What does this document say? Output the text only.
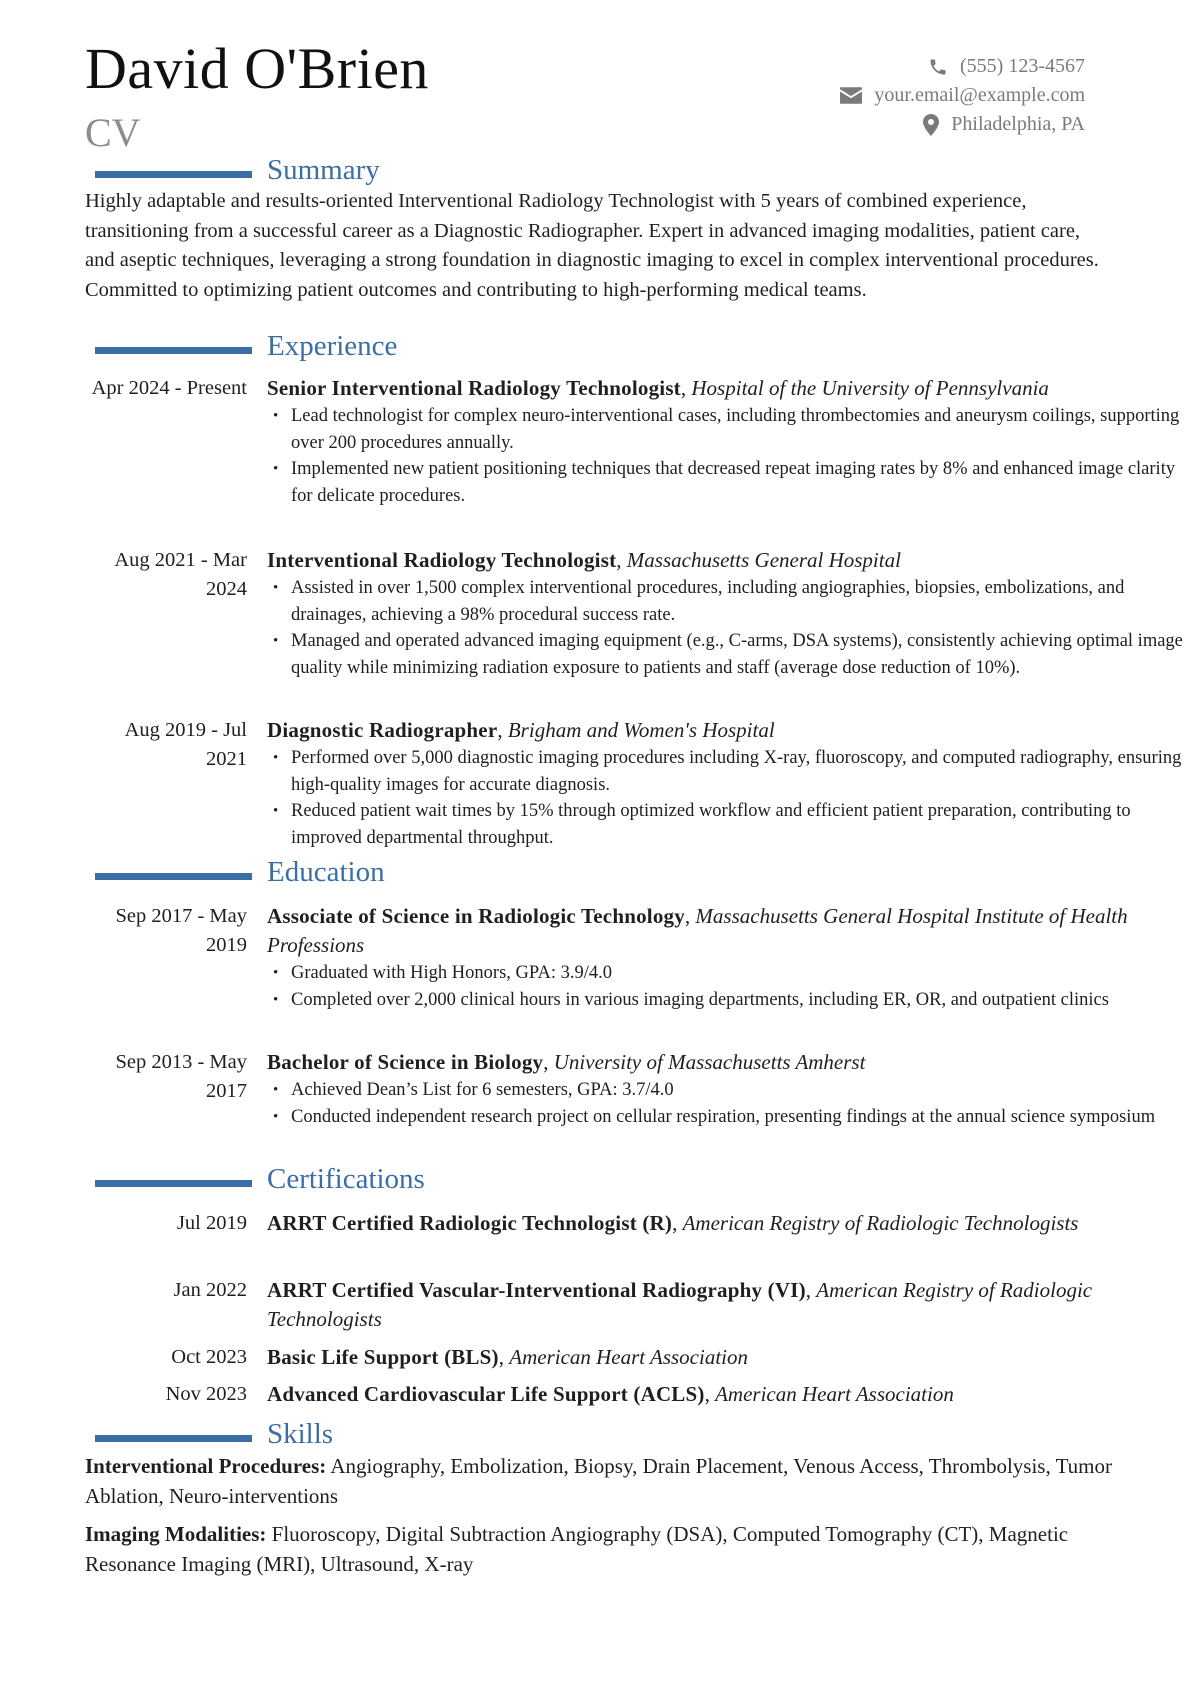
David O'Brien
CV
(555) 123-4567
your.email@example.com
Philadelphia, PA
Summary
Highly adaptable and results-oriented Interventional Radiology Technologist with 5 years of combined experience, transitioning from a successful career as a Diagnostic Radiographer. Expert in advanced imaging modalities, patient care, and aseptic techniques, leveraging a strong foundation in diagnostic imaging to excel in complex interventional procedures. Committed to optimizing patient outcomes and contributing to high-performing medical teams.
Experience
Apr 2024 - Present Senior Interventional Radiology Technologist, Hospital of the University of Pennsylvania
• Lead technologist for complex neuro-interventional cases, including thrombectomies and aneurysm coilings, supporting over 200 procedures annually.
• Implemented new patient positioning techniques that decreased repeat imaging rates by 8% and enhanced image clarity for delicate procedures.
Aug 2021 - Mar 2024
Interventional Radiology Technologist, Massachusetts General Hospital
• Assisted in over 1,500 complex interventional procedures, including angiographies, biopsies, embolizations, and drainages, achieving a 98% procedural success rate.
• Managed and operated advanced imaging equipment (e.g., C-arms, DSA systems), consistently achieving optimal image quality while minimizing radiation exposure to patients and staff (average dose reduction of 10%).
Aug 2019 - Jul 2021
Diagnostic Radiographer, Brigham and Women's Hospital
• Performed over 5,000 diagnostic imaging procedures including X-ray, fluoroscopy, and computed radiography, ensuring high-quality images for accurate diagnosis.
• Reduced patient wait times by 15% through optimized workflow and efficient patient preparation, contributing to improved departmental throughput.
Education
Sep 2017 - May 2019
Associate of Science in Radiologic Technology, Massachusetts General Hospital Institute of Health Professions
• Graduated with High Honors, GPA: 3.9/4.0
• Completed over 2,000 clinical hours in various imaging departments, including ER, OR, and outpatient clinics
Sep 2013 - May 2017
Bachelor of Science in Biology, University of Massachusetts Amherst
• Achieved Dean’s List for 6 semesters, GPA: 3.7/4.0
• Conducted independent research project on cellular respiration, presenting findings at the annual science symposium
Certifications
Jul 2019 ARRT Certified Radiologic Technologist (R), American Registry of Radiologic Technologists
Jan 2022 ARRT Certified Vascular-Interventional Radiography (VI), American Registry of Radiologic Technologists
Oct 2023 Basic Life Support (BLS), American Heart Association
Nov 2023 Advanced Cardiovascular Life Support (ACLS), American Heart Association
Skills
Interventional Procedures: Angiography, Embolization, Biopsy, Drain Placement, Venous Access, Thrombolysis, Tumor Ablation, Neuro-interventions
Imaging Modalities: Fluoroscopy, Digital Subtraction Angiography (DSA), Computed Tomography (CT), Magnetic Resonance Imaging (MRI), Ultrasound, X-ray
